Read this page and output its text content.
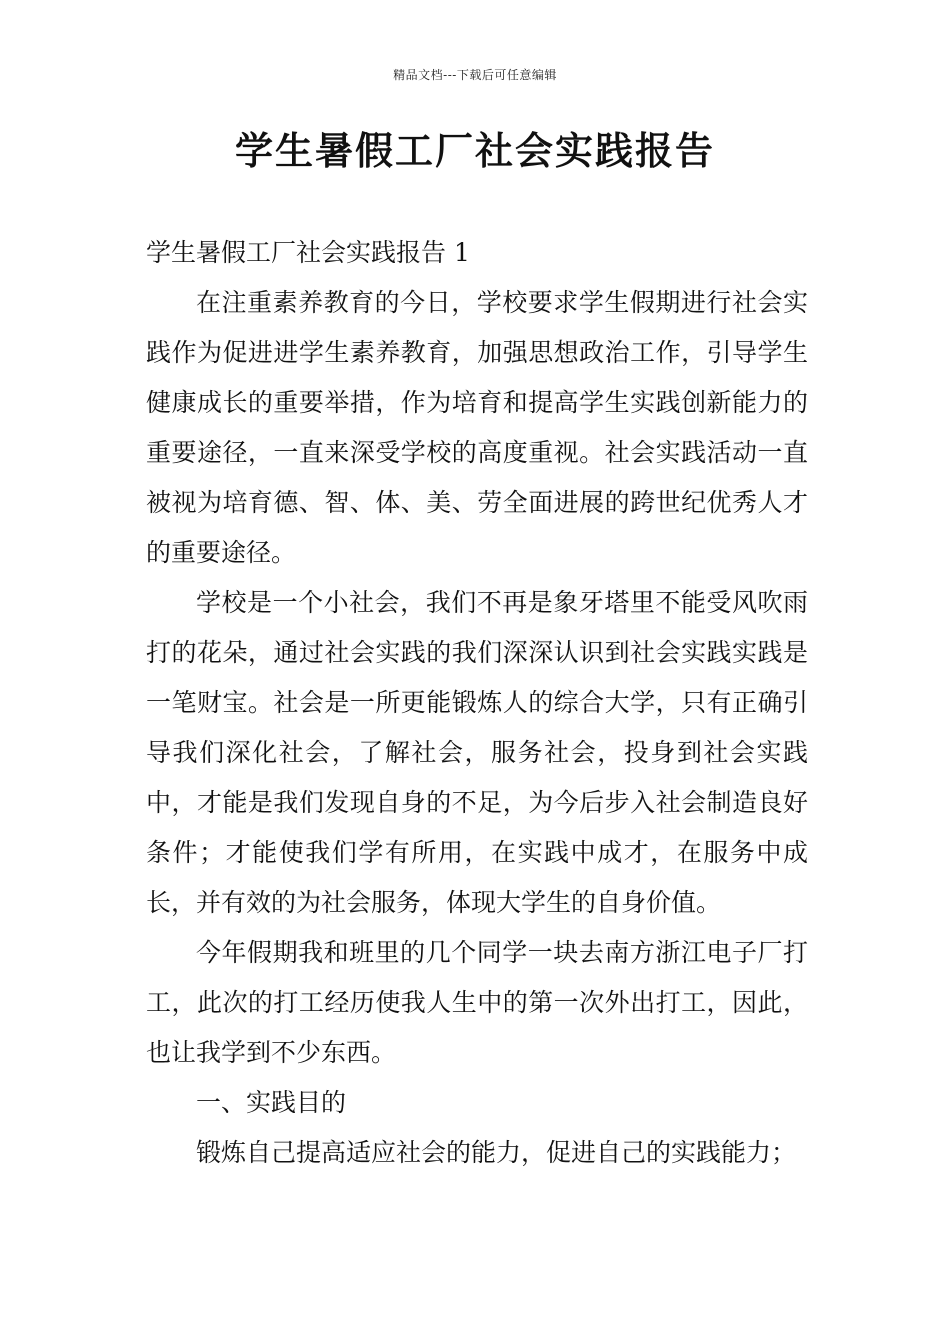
精品文档---下载后可任意编辑
学生暑假工厂社会实践报告

学生暑假工厂社会实践报告 1

在注重素养教育的今日，学校要求学生假期进行社会实践作为促进进学生素养教育，加强思想政治工作，引导学生健康成长的重要举措，作为培育和提高学生实践创新能力的重要途径，一直来深受学校的高度重视。社会实践活动一直被视为培育德、智、体、美、劳全面进展的跨世纪优秀人才的重要途径。

学校是一个小社会，我们不再是象牙塔里不能受风吹雨打的花朵，通过社会实践的我们深深认识到社会实践实践是一笔财宝。社会是一所更能锻炼人的综合大学，只有正确引导我们深化社会，了解社会，服务社会，投身到社会实践中，才能是我们发现自身的不足，为今后步入社会制造良好条件；才能使我们学有所用，在实践中成才，在服务中成长，并有效的为社会服务，体现大学生的自身价值。

今年假期我和班里的几个同学一块去南方浙江电子厂打工，此次的打工经历使我人生中的第一次外出打工，因此，也让我学到不少东西。

一、实践目的

锻炼自己提高适应社会的能力，促进自己的实践能力；
